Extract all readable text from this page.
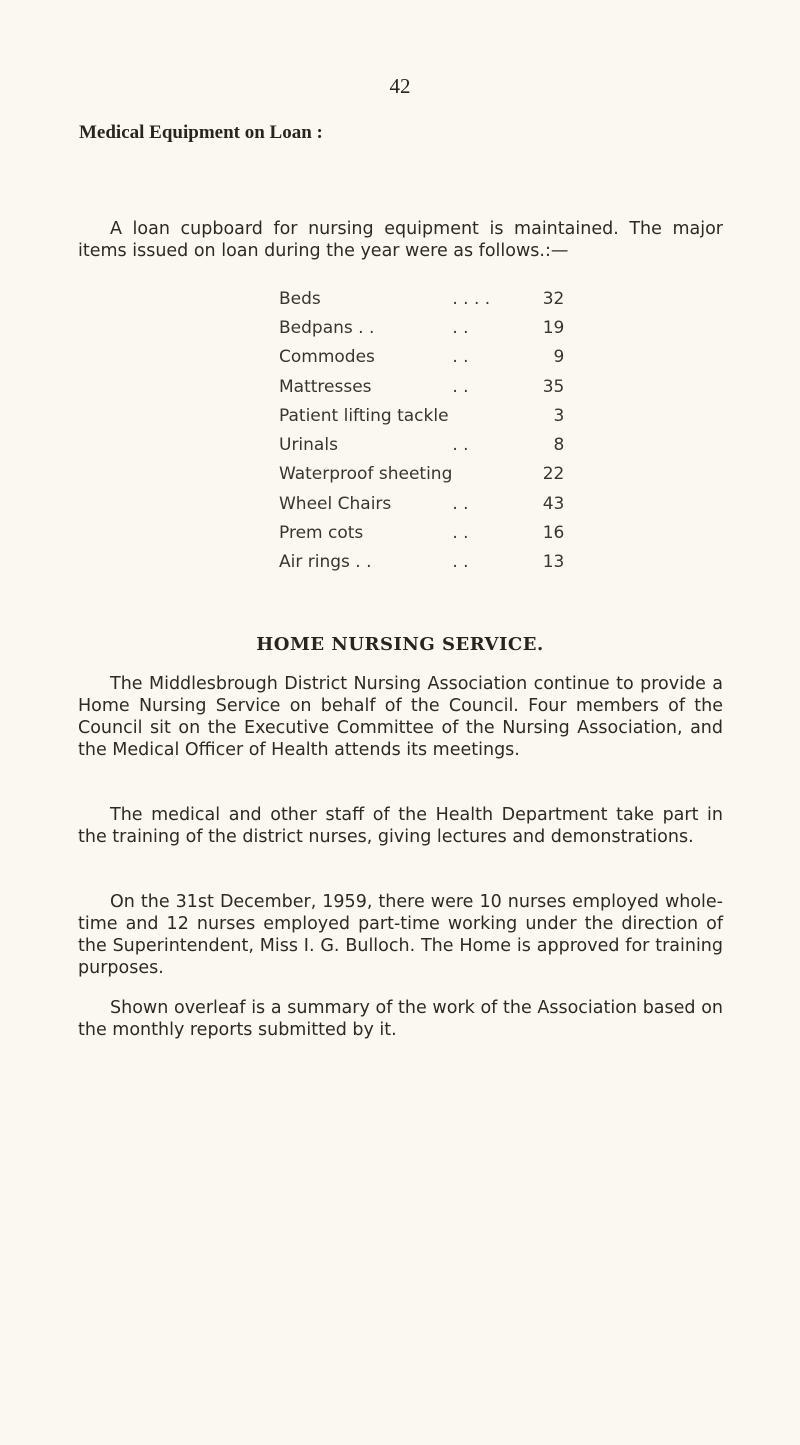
42
Medical Equipment on Loan :

A loan cupboard for nursing equipment is maintained. The major items issued on loan during the year were as follows.:—

Beds	. . . .	32
Bedpans . .	. .	19
Commodes	. .	9
Mattresses	. .	35
Patient lifting tackle		3
Urinals	. .	8
Waterproof sheeting		22
Wheel Chairs	. .	43
Prem cots	. .	16
Air rings . .	. .	13
HOME NURSING SERVICE.

The Middlesbrough District Nursing Association continue to provide a Home Nursing Service on behalf of the Council. Four members of the Council sit on the Executive Committee of the Nursing Association, and the Medical Officer of Health attends its meetings.

The medical and other staff of the Health Department take part in the training of the district nurses, giving lectures and demonstrations.

On the 31st December, 1959, there were 10 nurses employed whole-time and 12 nurses employed part-time working under the direction of the Superintendent, Miss I. G. Bulloch. The Home is approved for training purposes.

Shown overleaf is a summary of the work of the Association based on the monthly reports submitted by it.
